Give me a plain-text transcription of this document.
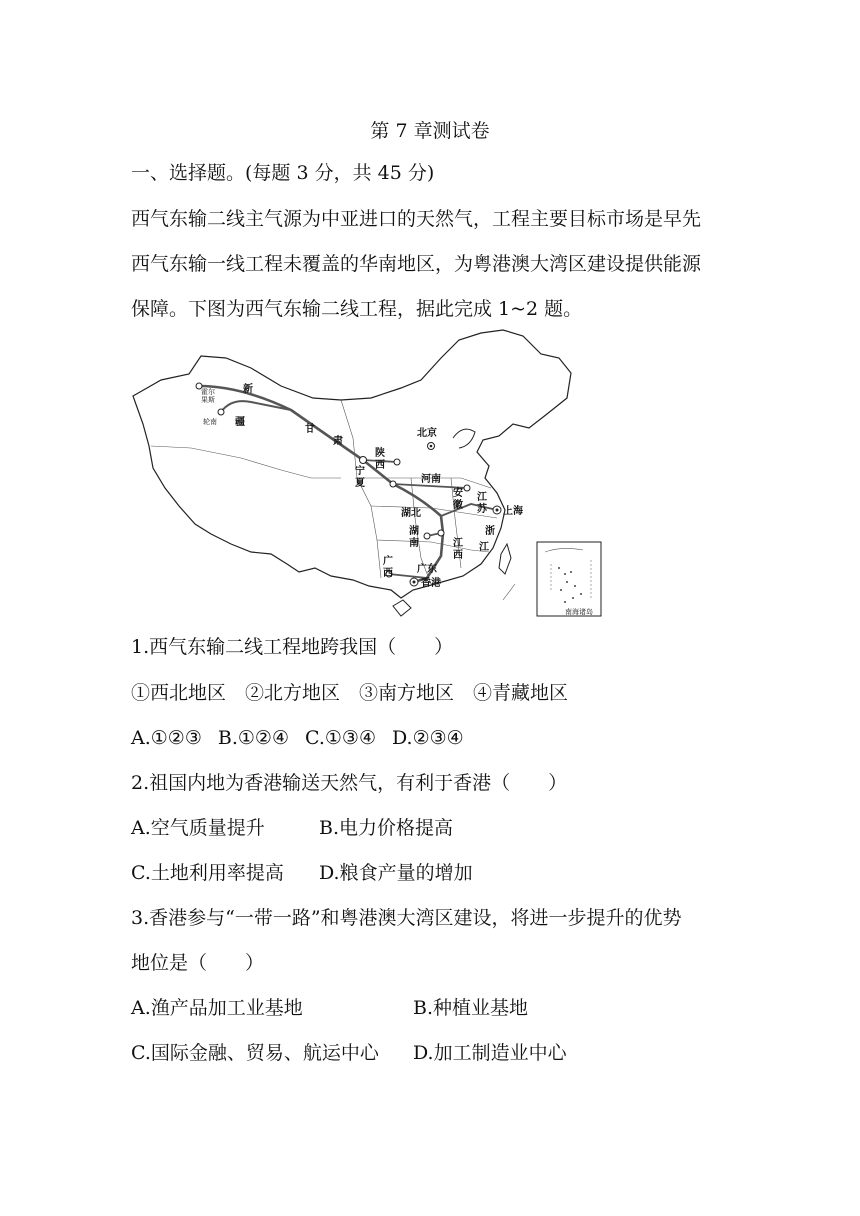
第 7 章测试卷
一、选择题。(每题 3 分，共 45 分)
西气东输二线主气源为中亚进口的天然气，工程主要目标市场是早先
西气东输一线工程未覆盖的华南地区，为粤港澳大湾区建设提供能源
保障。下图为西气东输二线工程，据此完成 1~2 题。
霍尔
果斯
轮南
新
疆
甘
肃
北京
陕
西
宁
夏	河南
安
徽
江
苏 上海
湖北
湖
南
浙
江
江
西
广
西 广东
香港
南海诸岛
1.西气东输二线工程地跨我国（　　）
①西北地区　②北方地区　③南方地区　④青藏地区
A.①②③ B.①②④ C.①③④ D.②③④
2.祖国内地为香港输送天然气，有利于香港（　　）
A.空气质量提升	B.电力价格提高
C.土地利用率提高 D.粮食产量的增加
3.香港参与“一带一路”和粤港澳大湾区建设，将进一步提升的优势
地位是（　　）
A.渔产品加工业基地	B.种植业基地
C.国际金融、贸易、航运中心 D.加工制造业中心
